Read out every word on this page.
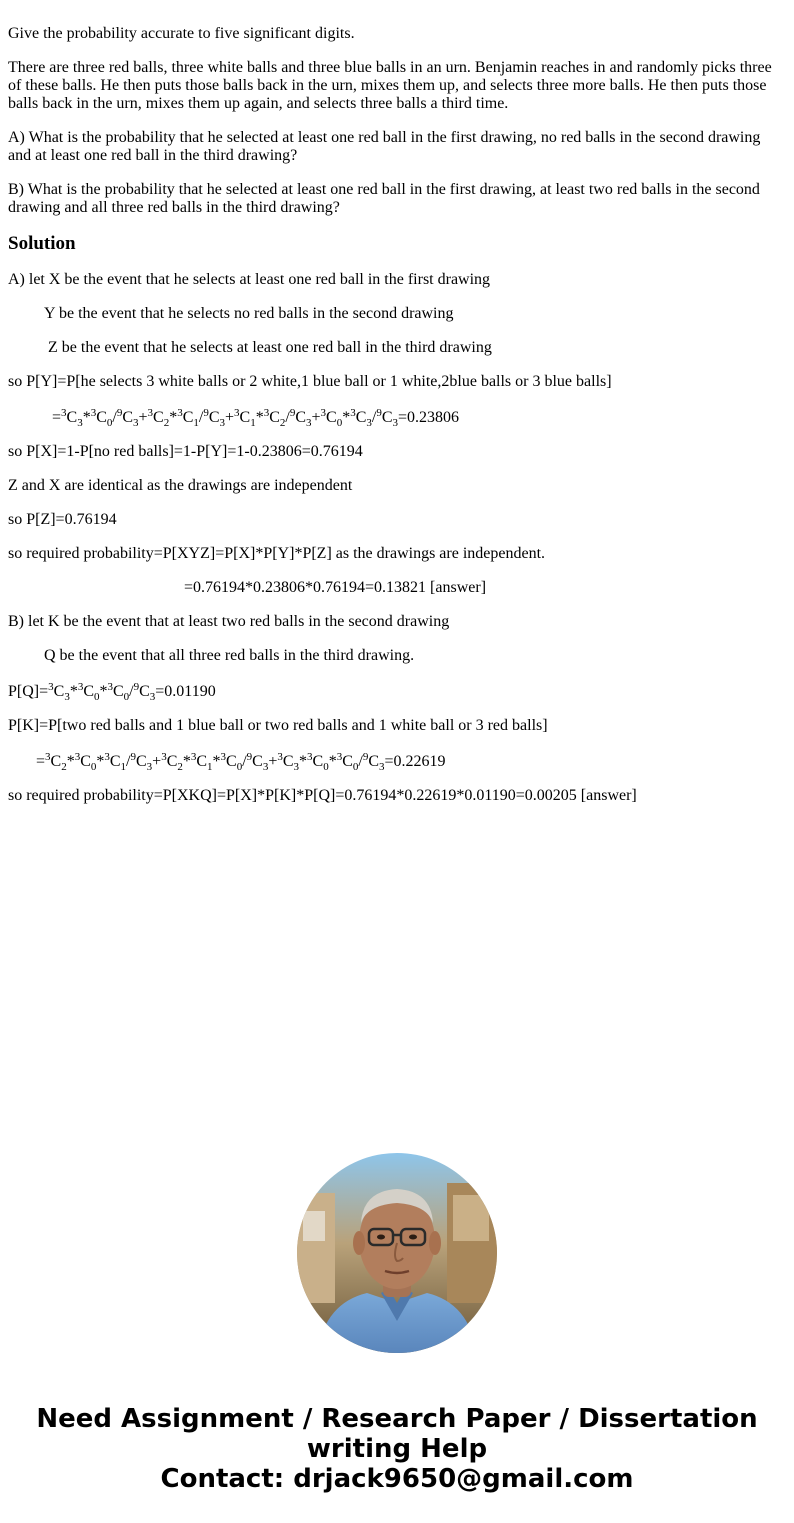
Give the probability accurate to five significant digits.

There are three red balls, three white balls and three blue balls in an urn. Benjamin reaches in and randomly picks three of these balls. He then puts those balls back in the urn, mixes them up, and selects three more balls. He then puts those balls back in the urn, mixes them up again, and selects three balls a third time.

A) What is the probability that he selected at least one red ball in the first drawing, no red balls in the second drawing and at least one red ball in the third drawing?

B) What is the probability that he selected at least one red ball in the first drawing, at least two red balls in the second drawing and all three red balls in the third drawing?

Solution

A) let X be the event that he selects at least one red ball in the first drawing

Y be the event that he selects no red balls in the second drawing

Z be the event that he selects at least one red ball in the third drawing

so P[Y]=P[he selects 3 white balls or 2 white,1 blue ball or 1 white,2blue balls or 3 blue balls]

$=^3C_3*^3C_0/^9C_3+^3C_2*^3C_1/^9C_3+^3C_1*^3C_2/^9C_3+^3C_0*^3C_3/^9C_3=0.23806$

so P[X]=1-P[no red balls]=1-P[Y]=1-0.23806=0.76194

Z and X are identical as the drawings are independent

so P[Z]=0.76194

so required probability=P[XYZ]=P[X]*P[Y]*P[Z] as the drawings are independent.

=0.76194*0.23806*0.76194=0.13821 [answer]

B) let K be the event that at least two red balls in the second drawing

Q be the event that all three red balls in the third drawing.

$P[Q]=^3C_3*^3C_0*^3C_0/^9C_3=0.01190$

P[K]=P[two red balls and 1 blue ball or two red balls and 1 white ball or 3 red balls]

$=^3C_2*^3C_0*^3C_1/^9C_3+^3C_2*^3C_1*^3C_0/^9C_3+^3C_3*^3C_0*^3C_0/^9C_3=0.22619$

so required probability=P[XKQ]=P[X]*P[K]*P[Q]=0.76194*0.22619*0.01190=0.00205 [answer]

Need Assignment / Research Paper / Dissertation
writing Help
Contact: drjack9650@gmail.com
